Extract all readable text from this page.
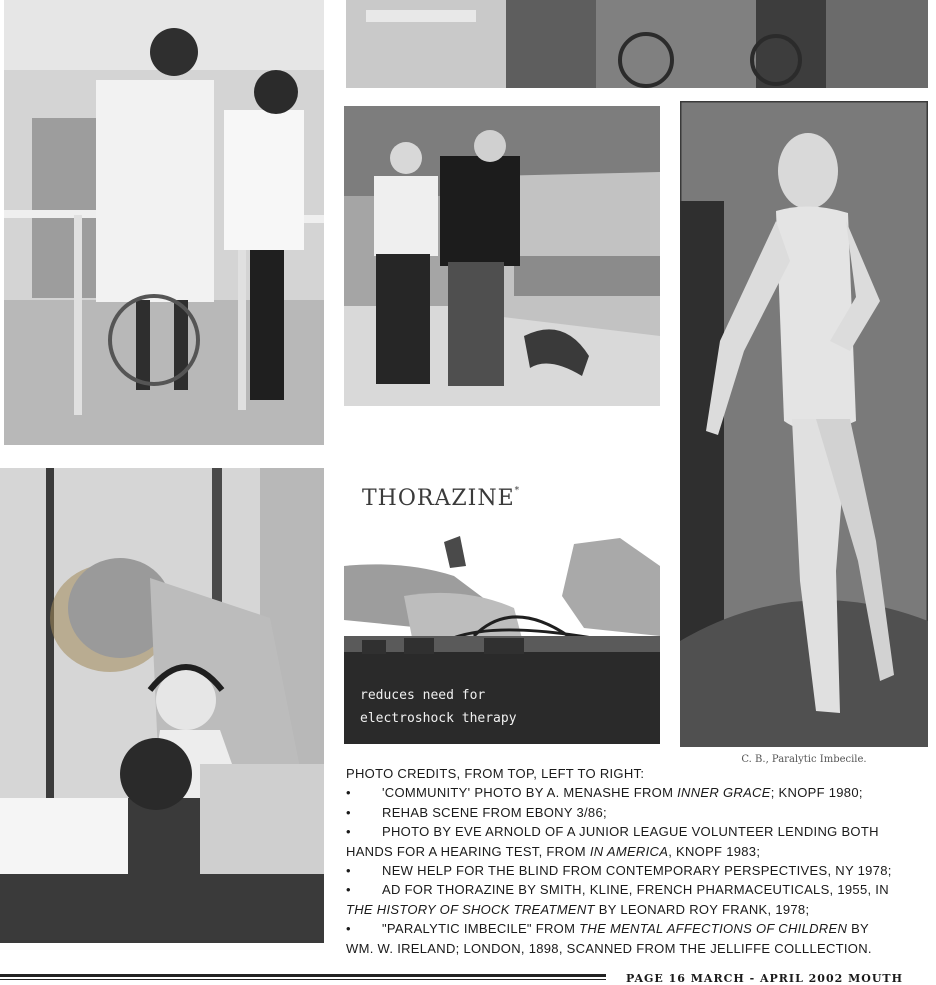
THORAZINE*
reduces need for
electroshock therapy
C. B., Paralytic Imbecile.
PHOTO CREDITS, FROM TOP, LEFT TO RIGHT:
•	'COMMUNITY' PHOTO BY A. MENASHE FROM INNER GRACE; KNOPF 1980;
•	REHAB SCENE FROM EBONY 3/86;
•	PHOTO BY EVE ARNOLD OF A JUNIOR LEAGUE VOLUNTEER LENDING BOTH
HANDS FOR A HEARING TEST, FROM IN AMERICA, KNOPF 1983;
•	NEW HELP FOR THE BLIND FROM CONTEMPORARY PERSPECTIVES, NY 1978;
•	AD FOR THORAZINE BY SMITH, KLINE, FRENCH PHARMACEUTICALS, 1955, IN
THE HISTORY OF SHOCK TREATMENT BY LEONARD ROY FRANK, 1978;
•	"PARALYTIC IMBECILE" FROM THE MENTAL AFFECTIONS OF CHILDREN BY
WM. W. IRELAND; LONDON, 1898, SCANNED FROM THE JELLIFFE COLLLECTION.
PAGE 16 MARCH - APRIL 2002 MOUTH
